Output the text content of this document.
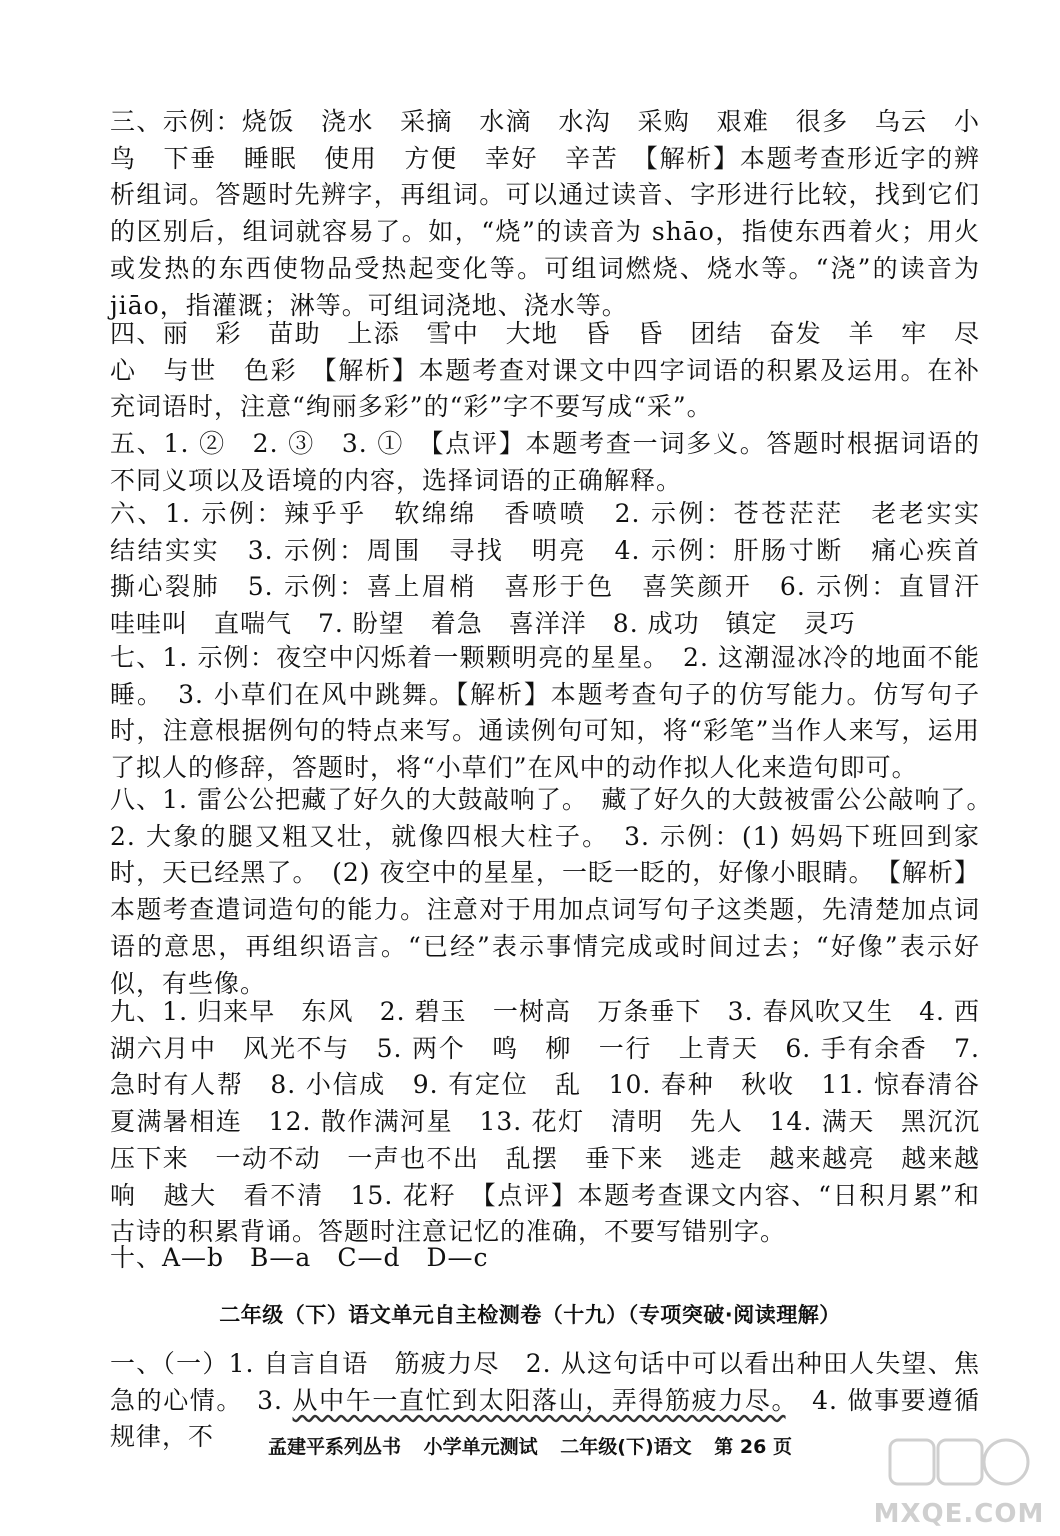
三、示例：烧饭　浇水　采摘　水滴　水沟　采购　艰难　很多　乌云　小鸟　下垂　睡眠　使用　方便　幸好　辛苦　【解析】本题考查形近字的辨析组词。答题时先辨字，再组词。可以通过读音、字形进行比较，找到它们的区别后，组词就容易了。如，“烧”的读音为 shāo，指使东西着火；用火或发热的东西使物品受热起变化等。可组词燃烧、烧水等。“浇”的读音为 jiāo，指灌溉；淋等。可组词浇地、浇水等。
四、丽　彩　苗助　上添　雪中　大地　昏　昏　团结　奋发　羊　牢　尽心　与世　色彩　【解析】本题考查对课文中四字词语的积累及运用。在补充词语时，注意“绚丽多彩”的“彩”字不要写成“采”。
五、1. ②　2. ③　3. ①　【点评】本题考查一词多义。答题时根据词语的不同义项以及语境的内容，选择词语的正确解释。
六、1. 示例：辣乎乎　软绵绵　香喷喷　2. 示例：苍苍茫茫　老老实实　结结实实　3. 示例：周围　寻找　明亮　4. 示例：肝肠寸断　痛心疾首　撕心裂肺　5. 示例：喜上眉梢　喜形于色　喜笑颜开　6. 示例：直冒汗　哇哇叫　直喘气　7. 盼望　着急　喜洋洋　8. 成功　镇定　灵巧
七、1. 示例：夜空中闪烁着一颗颗明亮的星星。　2. 这潮湿冰冷的地面不能睡。　3. 小草们在风中跳舞。【解析】本题考查句子的仿写能力。仿写句子时，注意根据例句的特点来写。通读例句可知，将“彩笔”当作人来写，运用了拟人的修辞，答题时，将“小草们”在风中的动作拟人化来造句即可。
八、1. 雷公公把藏了好久的大鼓敲响了。　藏了好久的大鼓被雷公公敲响了。　2. 大象的腿又粗又壮，就像四根大柱子。　3. 示例：(1) 妈妈下班回到家时，天已经黑了。　(2) 夜空中的星星，一眨一眨的，好像小眼睛。　【解析】本题考查遣词造句的能力。注意对于用加点词写句子这类题，先清楚加点词语的意思，再组织语言。“已经”表示事情完成或时间过去；“好像”表示好似，有些像。
九、1. 归来早　东风　2. 碧玉　一树高　万条垂下　3. 春风吹又生　4. 西湖六月中　风光不与　5. 两个　鸣　柳　一行　上青天　6. 手有余香　7. 急时有人帮　8. 小信成　9. 有定位　乱　10. 春种　秋收　11. 惊春清谷　夏满暑相连　12. 散作满河星　13. 花灯　清明　先人　14. 满天　黑沉沉　压下来　一动不动　一声也不出　乱摆　垂下来　逃走　越来越亮　越来越响　越大　看不清　15. 花籽　【点评】本题考查课文内容、“日积月累”和古诗的积累背诵。答题时注意记忆的准确，不要写错别字。
十、A—b　B—a　C—d　D—c
二年级（下）语文单元自主检测卷（十九）（专项突破·阅读理解）
一、（一）1. 自言自语　筋疲力尽　2. 从这句话中可以看出种田人失望、焦急的心情。　3. 从中午一直忙到太阳落山，弄得筋疲力尽。　4. 做事要遵循规律，不	孟建平系列丛书 小学单元测试 二年级(下)语文 第 26 页
MXQE.COM
